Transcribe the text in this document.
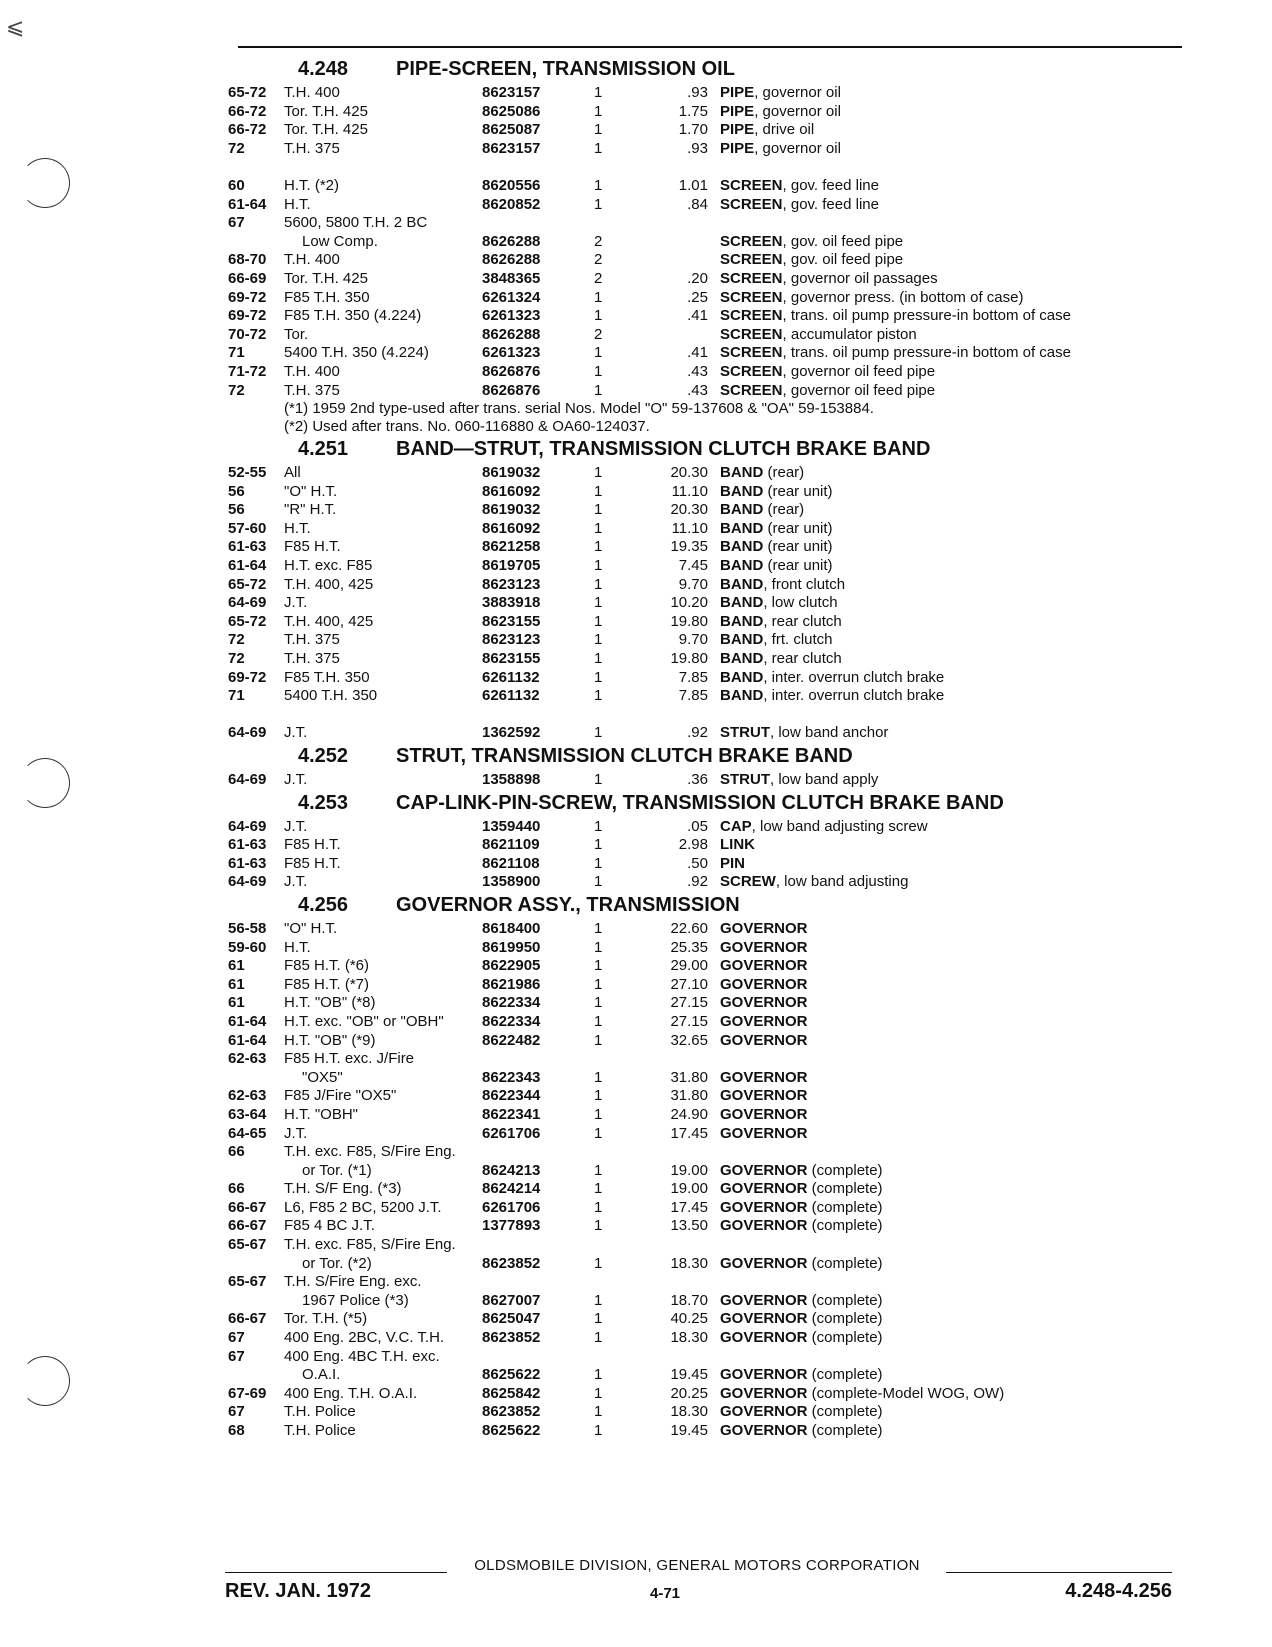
⩽
4.248 PIPE-SCREEN, TRANSMISSION OIL
65-72 T.H. 400	8623157	1	.93 PIPE, governor oil
66-72 Tor. T.H. 425	8625086	1	1.75 PIPE, governor oil
66-72 Tor. T.H. 425	8625087	1	1.70 PIPE, drive oil
72	T.H. 375	8623157	1	.93 PIPE, governor oil
60	H.T. (*2)	8620556	1	1.01 SCREEN, gov. feed line
61-64 H.T.	8620852	1	.84 SCREEN, gov. feed line
67	5600, 5800 T.H. 2 BC
Low Comp.	8626288	2	SCREEN, gov. oil feed pipe
68-70 T.H. 400	8626288	2	SCREEN, gov. oil feed pipe
66-69 Tor. T.H. 425	3848365	2	.20 SCREEN, governor oil passages
69-72 F85 T.H. 350	6261324	1	.25 SCREEN, governor press. (in bottom of case)
69-72 F85 T.H. 350 (4.224)	6261323	1	.41 SCREEN, trans. oil pump pressure-in bottom of case
70-72 Tor.	8626288	2	SCREEN, accumulator piston
71	5400 T.H. 350 (4.224)	6261323	1	.41 SCREEN, trans. oil pump pressure-in bottom of case
71-72 T.H. 400	8626876	1	.43 SCREEN, governor oil feed pipe
72	T.H. 375	8626876	1	.43 SCREEN, governor oil feed pipe
(*1) 1959 2nd type-used after trans. serial Nos. Model "O" 59-137608 & "OA" 59-153884.
(*2) Used after trans. No. 060-116880 & OA60-124037.
4.251 BAND—STRUT, TRANSMISSION CLUTCH BRAKE BAND
52-55 All	8619032	1	20.30 BAND (rear)
56	"O" H.T.	8616092	1	11.10 BAND (rear unit)
56	"R" H.T.	8619032	1	20.30 BAND (rear)
57-60 H.T.	8616092	1	11.10 BAND (rear unit)
61-63 F85 H.T.	8621258	1	19.35 BAND (rear unit)
61-64 H.T. exc. F85	8619705	1	7.45 BAND (rear unit)
65-72 T.H. 400, 425	8623123	1	9.70 BAND, front clutch
64-69 J.T.	3883918	1	10.20 BAND, low clutch
65-72 T.H. 400, 425	8623155	1	19.80 BAND, rear clutch
72	T.H. 375	8623123	1	9.70 BAND, frt. clutch
72	T.H. 375	8623155	1	19.80 BAND, rear clutch
69-72 F85 T.H. 350	6261132	1	7.85 BAND, inter. overrun clutch brake
71	5400 T.H. 350	6261132	1	7.85 BAND, inter. overrun clutch brake
64-69 J.T.	1362592	1	.92 STRUT, low band anchor
4.252 STRUT, TRANSMISSION CLUTCH BRAKE BAND
64-69 J.T.	1358898	1	.36 STRUT, low band apply
4.253 CAP-LINK-PIN-SCREW, TRANSMISSION CLUTCH BRAKE BAND
64-69 J.T.	1359440	1	.05 CAP, low band adjusting screw
61-63 F85 H.T.	8621109	1	2.98 LINK
61-63 F85 H.T.	8621108	1	.50 PIN
64-69 J.T.	1358900	1	.92 SCREW, low band adjusting
4.256 GOVERNOR ASSY., TRANSMISSION
56-58 "O" H.T.	8618400	1	22.60 GOVERNOR
59-60 H.T.	8619950	1	25.35 GOVERNOR
61	F85 H.T. (*6)	8622905	1	29.00 GOVERNOR
61	F85 H.T. (*7)	8621986	1	27.10 GOVERNOR
61	H.T. "OB" (*8)	8622334	1	27.15 GOVERNOR
61-64 H.T. exc. "OB" or "OBH"	8622334	1	27.15 GOVERNOR
61-64 H.T. "OB" (*9)	8622482	1	32.65 GOVERNOR
62-63 F85 H.T. exc. J/Fire
"OX5"	8622343	1	31.80 GOVERNOR
62-63 F85 J/Fire "OX5"	8622344	1	31.80 GOVERNOR
63-64 H.T. "OBH"	8622341	1	24.90 GOVERNOR
64-65 J.T.	6261706	1	17.45 GOVERNOR
66	T.H. exc. F85, S/Fire Eng.
or Tor. (*1)	8624213	1	19.00 GOVERNOR (complete)
66	T.H. S/F Eng. (*3)	8624214	1	19.00 GOVERNOR (complete)
66-67 L6, F85 2 BC, 5200 J.T.	6261706	1	17.45 GOVERNOR (complete)
66-67 F85 4 BC J.T.	1377893	1	13.50 GOVERNOR (complete)
65-67 T.H. exc. F85, S/Fire Eng.
or Tor. (*2)	8623852	1	18.30 GOVERNOR (complete)
65-67 T.H. S/Fire Eng. exc.
1967 Police (*3)	8627007	1	18.70 GOVERNOR (complete)
66-67 Tor. T.H. (*5)	8625047	1	40.25 GOVERNOR (complete)
67	400 Eng. 2BC, V.C. T.H.	8623852	1	18.30 GOVERNOR (complete)
67	400 Eng. 4BC T.H. exc.
O.A.I.	8625622	1	19.45 GOVERNOR (complete)
67-69 400 Eng. T.H. O.A.I.	8625842	1	20.25 GOVERNOR (complete-Model WOG, OW)
67	T.H. Police	8623852	1	18.30 GOVERNOR (complete)
68	T.H. Police	8625622	1	19.45 GOVERNOR (complete)
OLDSMOBILE DIVISION, GENERAL MOTORS CORPORATION
REV. JAN. 1972	4-71	4.248-4.256
